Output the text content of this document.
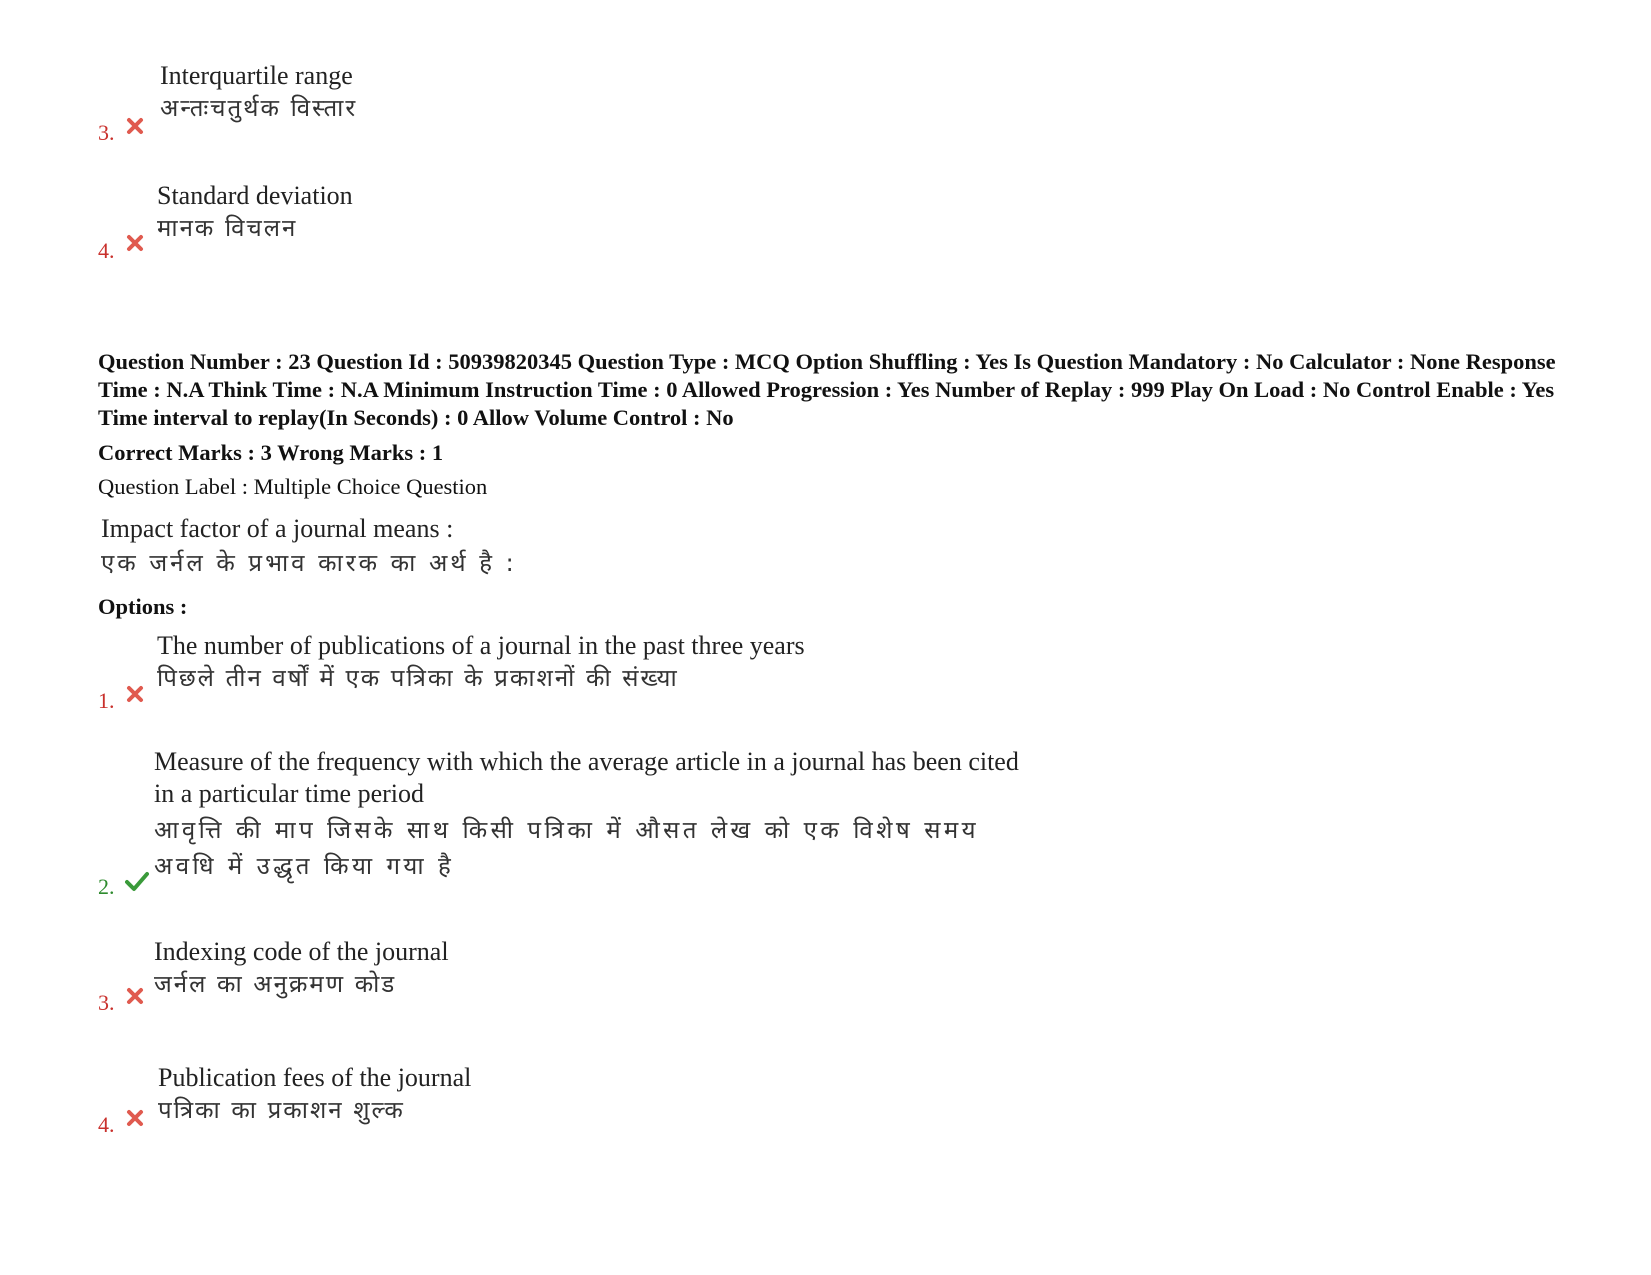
3.
Interquartile range
अन्तःचतुर्थक विस्तार
4.
Standard deviation
मानक विचलन
Question Number : 23 Question Id : 50939820345 Question Type : MCQ Option Shuffling : Yes Is Question Mandatory : No Calculator : None Response Time : N.A Think Time : N.A Minimum Instruction Time : 0 Allowed Progression : Yes Number of Replay : 999 Play On Load : No Control Enable : Yes Time interval to replay(In Seconds) : 0 Allow Volume Control : No
Correct Marks : 3 Wrong Marks : 1
Question Label : Multiple Choice Question
Impact factor of a journal means :
एक जर्नल के प्रभाव कारक का अर्थ है :
Options :
1.
The number of publications of a journal in the past three years
पिछले तीन वर्षों में एक पत्रिका के प्रकाशनों की संख्या
2.
Measure of the frequency with which the average article in a journal has been cited
in a particular time period
आवृत्ति की माप जिसके साथ किसी पत्रिका में औसत लेख को एक विशेष समय
अवधि में उद्धृत किया गया है
3.
Indexing code of the journal
जर्नल का अनुक्रमण कोड
4.
Publication fees of the journal
पत्रिका का प्रकाशन शुल्क
